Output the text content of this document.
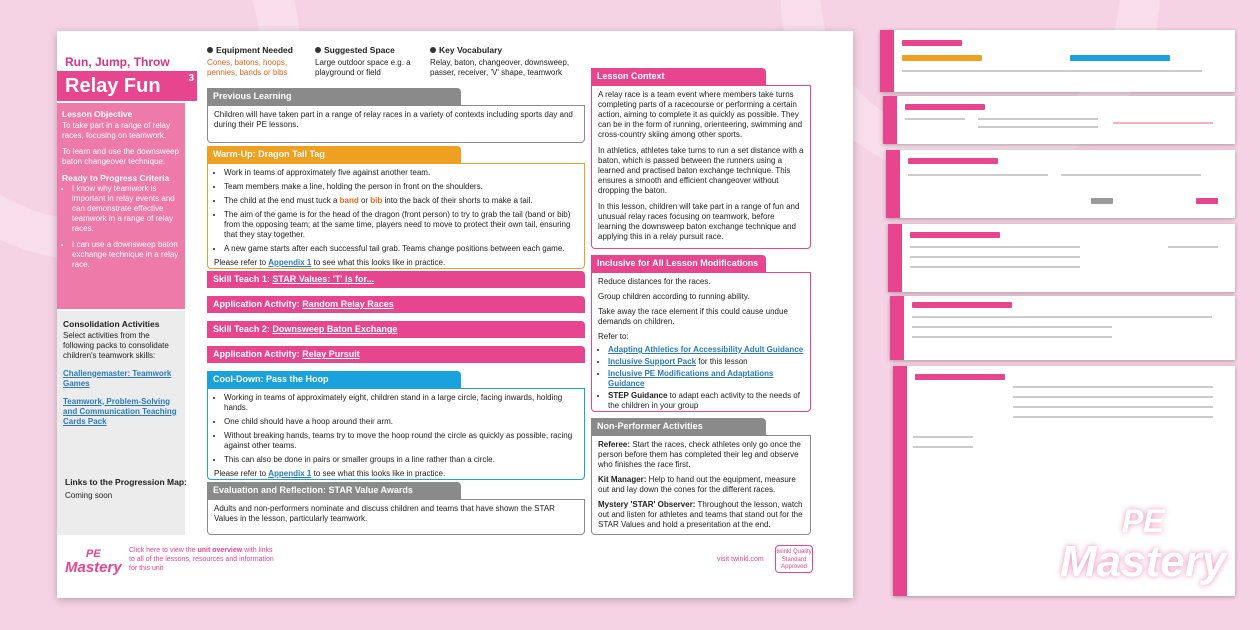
PE
Mastery
Run, Jump, Throw
Relay Fun	3
Lesson Objective

To take part in a range of relay races, focusing on teamwork.

To learn and use the downsweep baton changeover technique.

Ready to Progress Criteria
• I know why teamwork is important in relay events and can demonstrate effective teamwork in a range of relay races.
• I can use a downsweep baton exchange technique in a relay race.
Consolidation Activities

Select activities from the following packs to consolidate children's teamwork skills:

Challengemaster: Teamwork Games
Teamwork, Problem-Solving and Communication Teaching Cards Pack
Links to the Progression Map:

Coming soon

Equipment Needed

Cones, batons, hoops, pennies, bands or bibs

Suggested Space

Large outdoor space e.g. a playground or field

Key Vocabulary

Relay, baton, changeover, downsweep, passer, receiver, 'V' shape, teamwork

Previous Learning

Children will have taken part in a range of relay races in a variety of contexts including sports day and during their PE lessons.

Warm-Up: Dragon Tail Tag
• Work in teams of approximately five against another team.
• Team members make a line, holding the person in front on the shoulders.
• The child at the end must tuck a band or bib into the back of their shorts to make a tail.
• The aim of the game is for the head of the dragon (front person) to try to grab the tail (band or bib) from the opposing team; at the same time, players need to move to protect their own tail, ensuring that they stay together.
• A new game starts after each successful tail grab. Teams change positions between each game.

Please refer to Appendix 1 to see what this looks like in practice.

Skill Teach 1: STAR Values: 'T' is for...
Application Activity: Random Relay Races
Skill Teach 2: Downsweep Baton Exchange
Application Activity: Relay Pursuit
Cool-Down: Pass the Hoop
• Working in teams of approximately eight, children stand in a large circle, facing inwards, holding hands.
• One child should have a hoop around their arm.
• Without breaking hands, teams try to move the hoop round the circle as quickly as possible, racing against other teams.
• This can also be done in pairs or smaller groups in a line rather than a circle.

Please refer to Appendix 1 to see what this looks like in practice.

Evaluation and Reflection: STAR Value Awards

Adults and non-performers nominate and discuss children and teams that have shown the STAR Values in the lesson, particularly teamwork.

Lesson Context

A relay race is a team event where members take turns completing parts of a racecourse or performing a certain action, aiming to complete it as quickly as possible. They can be in the form of running, orienteering, swimming and cross-country skiing among other sports.

In athletics, athletes take turns to run a set distance with a baton, which is passed between the runners using a learned and practised baton exchange technique. This ensures a smooth and efficient changeover without dropping the baton.

In this lesson, children will take part in a range of fun and unusual relay races focusing on teamwork, before learning the downsweep baton exchange technique and applying this in a relay pursuit race.

Inclusive for All Lesson Modifications

Reduce distances for the races.

Group children according to running ability.

Take away the race element if this could cause undue demands on children.

Refer to:

• Adapting Athletics for Accessibility Adult Guidance
• Inclusive Support Pack for this lesson
• Inclusive PE Modifications and Adaptations Guidance
• STEP Guidance to adapt each activity to the needs of the children in your group
Non-Performer Activities

Referee: Start the races, check athletes only go once the person before them has completed their leg and observe who finishes the race first.

Kit Manager: Help to hand out the equipment, measure out and lay down the cones for the different races.

Mystery 'STAR' Observer: Throughout the lesson, watch out and listen for athletes and teams that stand out for the STAR Values and hold a presentation at the end.

PE
Mastery
Click here to view the unit overview with links to all of the lessons, resources and information for this unit
visit twinkl.com
twinkl Quality Standard Approved
